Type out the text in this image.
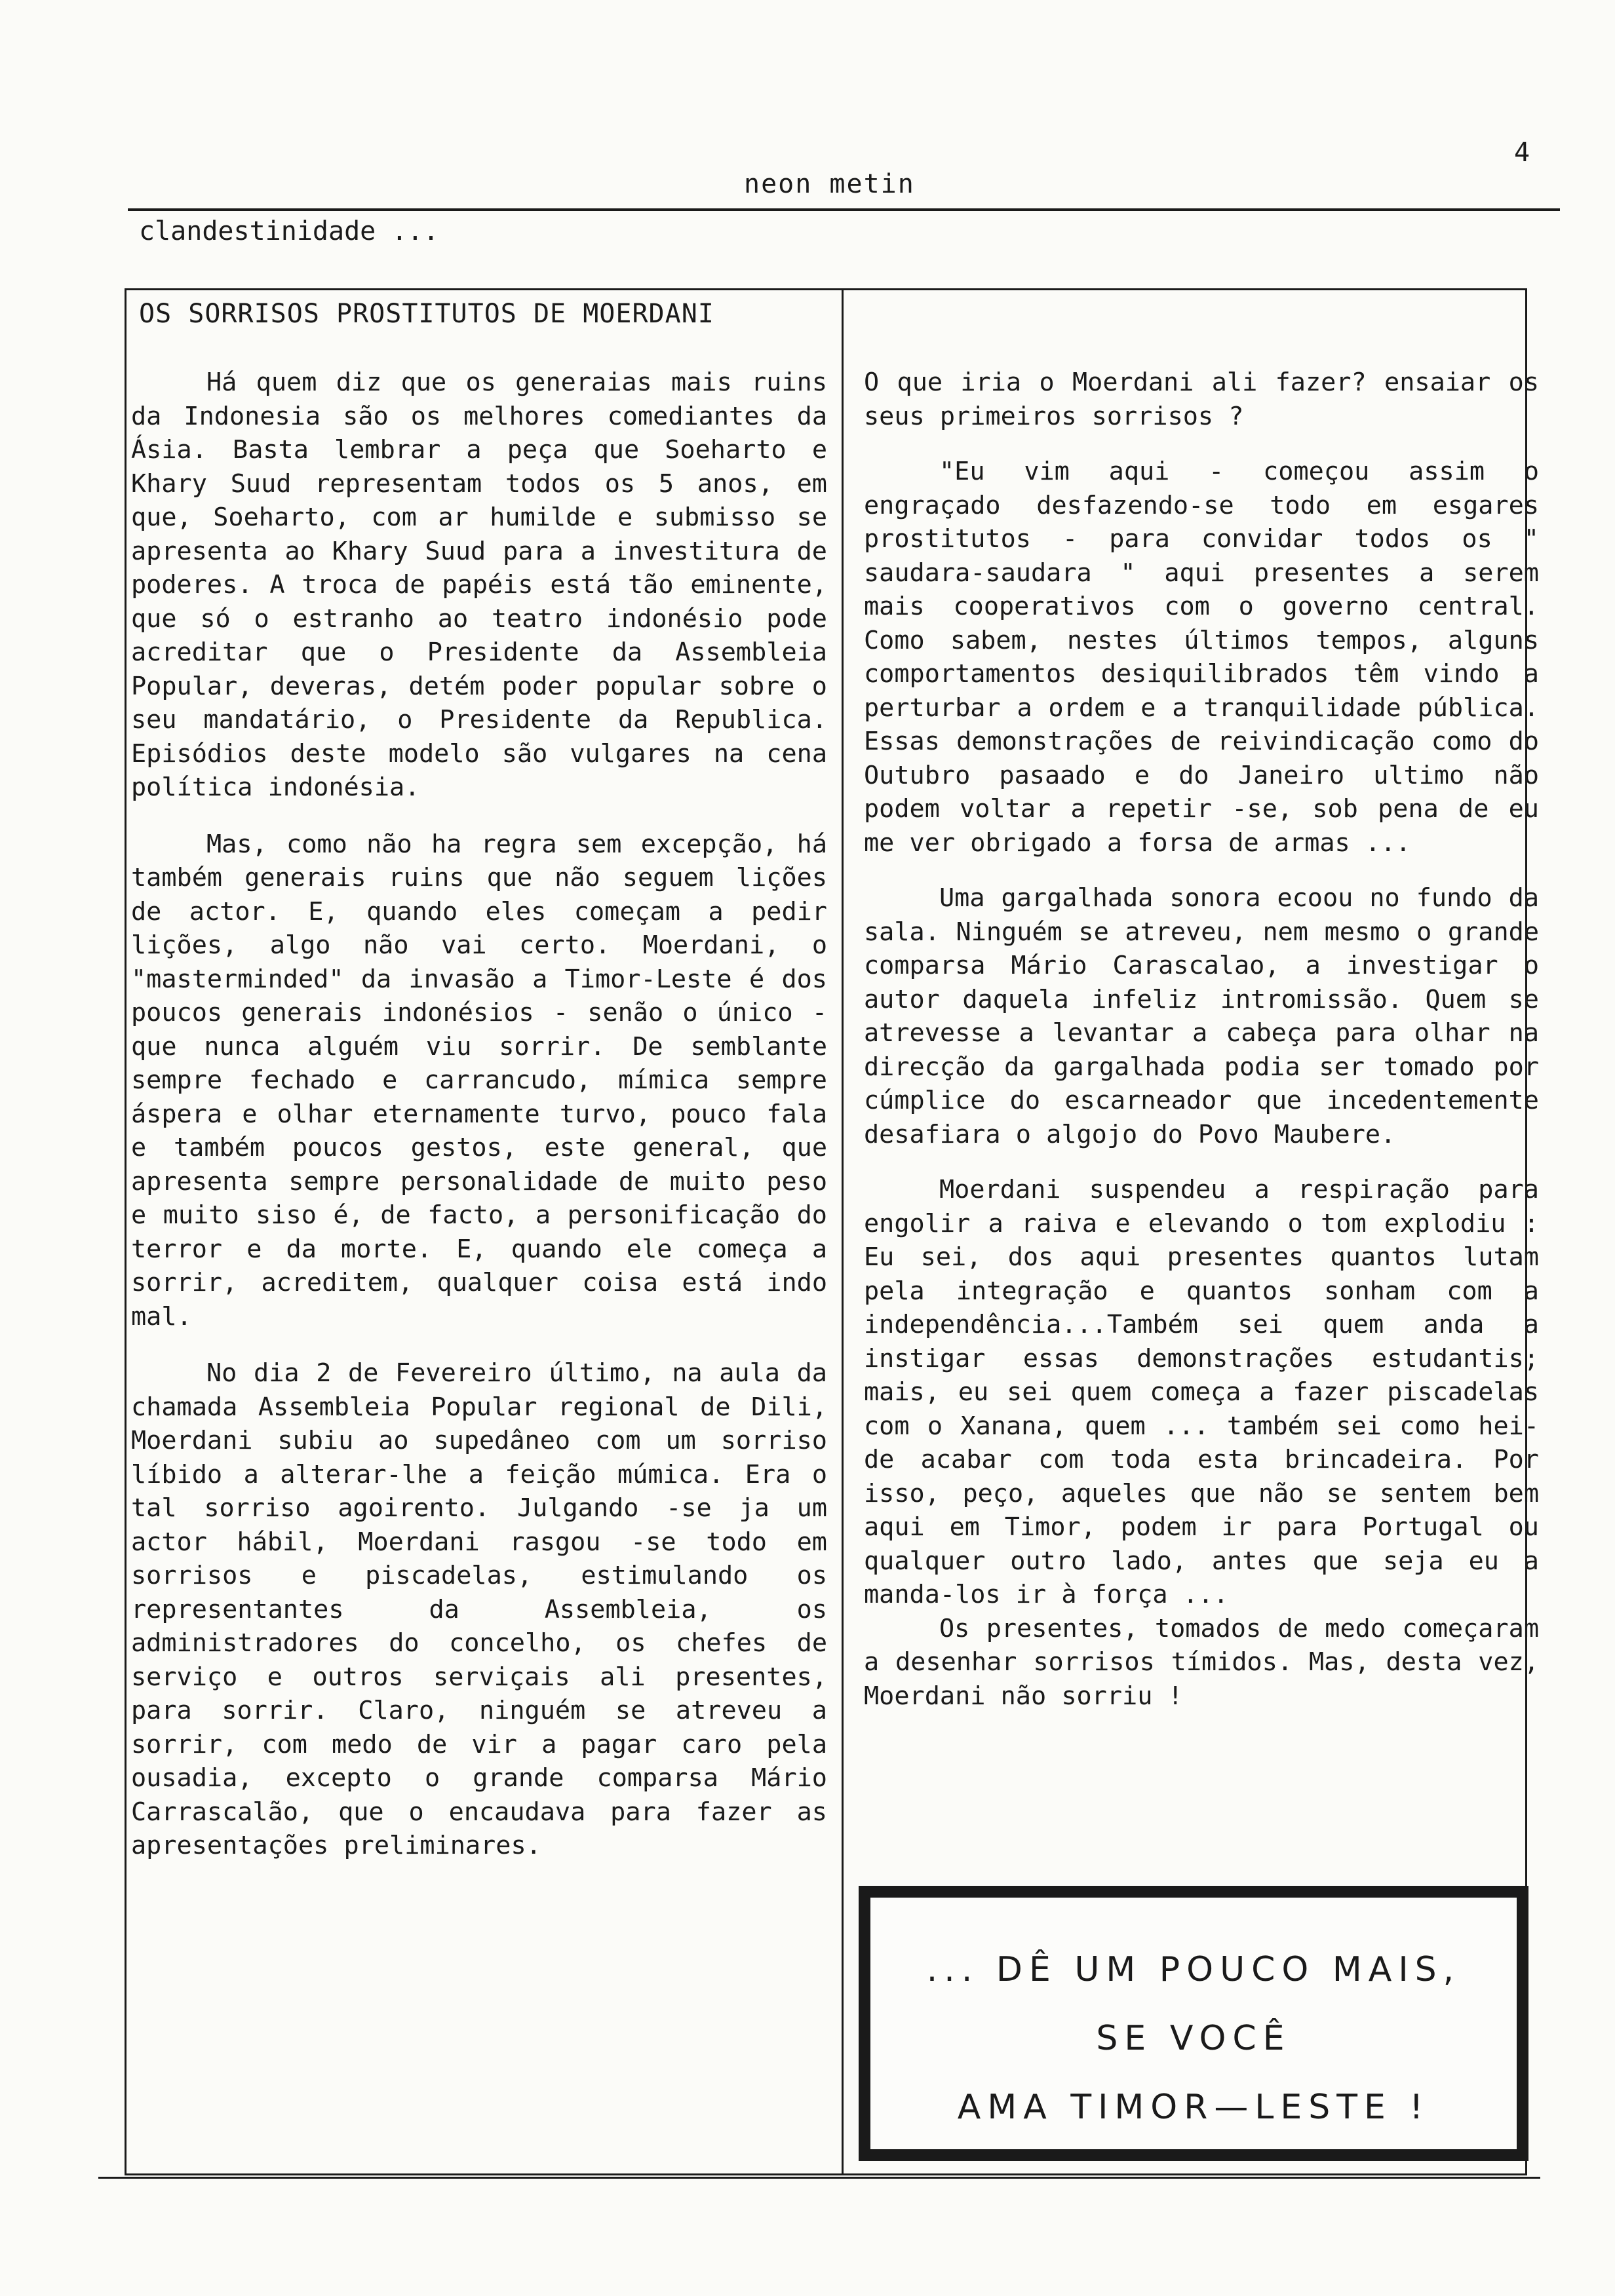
4
neon metin
clandestinidade ...
OS SORRISOS PROSTITUTOS DE MOERDANI

Há quem diz que os generaias mais ruins da Indonesia são os melhores comediantes da Ásia. Basta lembrar a peça que Soeharto e Khary Suud representam todos os 5 anos, em que, Soeharto, com ar humilde e submisso se apresenta ao Khary Suud para a investitura de poderes. A troca de papéis está tão eminente, que só o estranho ao teatro indonésio pode acreditar que o Presidente da Assembleia Popular, deveras, detém poder popular sobre o seu mandatário, o Presidente da Republica. Episódios deste modelo são vulgares na cena política indonésia.

Mas, como não ha regra sem excepção, há também generais ruins que não seguem lições de actor. E, quando eles começam a pedir lições, algo não vai certo. Moerdani, o "masterminded" da invasão a Timor-Leste é dos poucos generais indonésios - senão o único - que nunca alguém viu sorrir. De semblante sempre fechado e carrancudo, mímica sempre áspera e olhar eternamente turvo, pouco fala e também poucos gestos, este general, que apresenta sempre personalidade de muito peso e muito siso é, de facto, a personificação do terror e da morte. E, quando ele começa a sorrir, acreditem, qualquer coisa está indo mal.

No dia 2 de Fevereiro último, na aula da chamada Assembleia Popular regional de Dili, Moerdani subiu ao supedâneo com um sorriso líbido a alterar-lhe a feição múmica. Era o tal sorriso agoirento. Julgando -se ja um actor hábil, Moerdani rasgou -se todo em sorrisos e piscadelas, estimulando os representantes da Assembleia, os administradores do concelho, os chefes de serviço e outros serviçais ali presentes, para sorrir. Claro, ninguém se atreveu a sorrir, com medo de vir a pagar caro pela ousadia, excepto o grande comparsa Mário Carrascalão, que o encaudava para fazer as apresentações preliminares.

O que iria o Moerdani ali fazer? ensaiar os seus primeiros sorrisos ?

"Eu vim aqui - começou assim o engraçado desfazendo-se todo em esgares prostitutos - para convidar todos os " saudara-saudara " aqui presentes a serem mais cooperativos com o governo central. Como sabem, nestes últimos tempos, alguns comportamentos desiquilibrados têm vindo a perturbar a ordem e a tranquilidade pública. Essas demonstrações de reivindicação como do Outubro pasaado e do Janeiro ultimo não podem voltar a repetir -se, sob pena de eu me ver obrigado a forsa de armas ...

Uma gargalhada sonora ecoou no fundo da sala. Ninguém se atreveu, nem mesmo o grande comparsa Mário Carascalao, a investigar o autor daquela infeliz intromissão. Quem se atrevesse a levantar a cabeça para olhar na direcção da gargalhada podia ser tomado por cúmplice do escarneador que incedentemente desafiara o algojo do Povo Maubere.

Moerdani suspendeu a respiração para engolir a raiva e elevando o tom explodiu : Eu sei, dos aqui presentes quantos lutam pela integração e quantos sonham com a independência...Também sei quem anda a instigar essas demonstrações estudantis; mais, eu sei quem começa a fazer piscadelas com o Xanana, quem ... também sei como hei-de acabar com toda esta brincadeira. Por isso, peço, aqueles que não se sentem bem aqui em Timor, podem ir para Portugal ou qualquer outro lado, antes que seja eu a manda-los ir à força ...

Os presentes, tomados de medo começaram a desenhar sorrisos tímidos. Mas, desta vez, Moerdani não sorriu !

... DÊ UM POUCO MAIS,
SE VOCÊ
AMA TIMOR—LESTE !
